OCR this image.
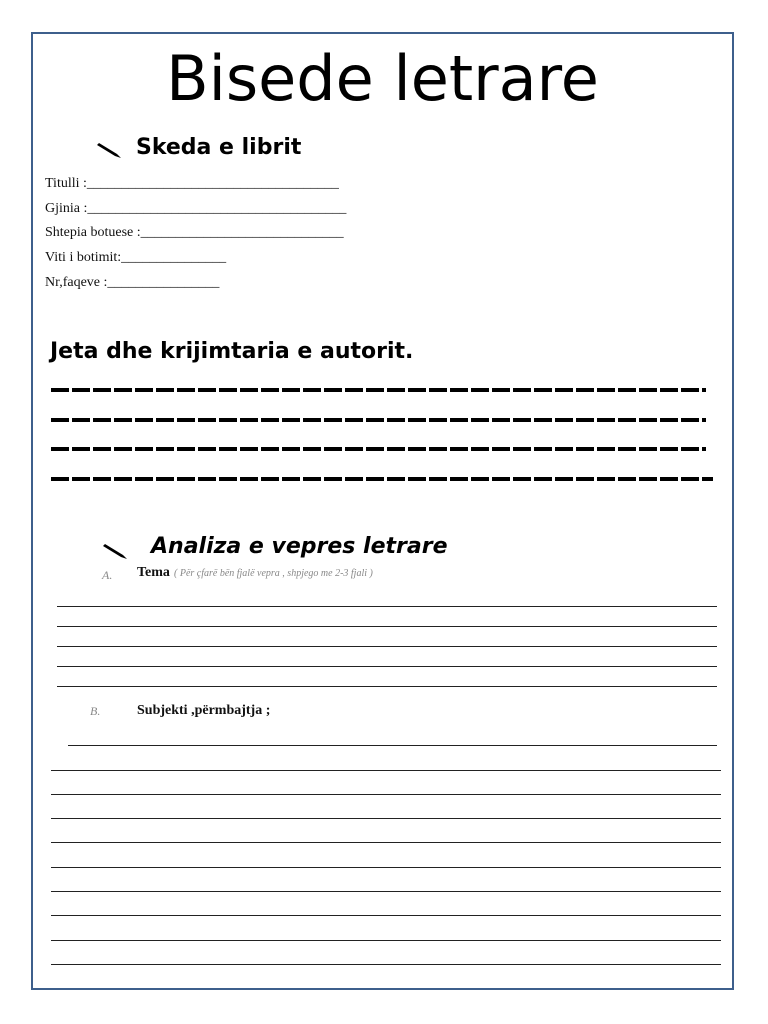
Bisede letrare
Skeda e librit
Titulli :____________________________________
Gjinia :_____________________________________
Shtepia botuese :_____________________________
Viti i botimit:_______________
Nr,faqeve :________________
Jeta dhe krijimtaria e autorit.
Analiza e vepres letrare
A. Tema ( Për çfarë bën fjalë vepra , shpjego me 2-3 fjali )
B.	Subjekti ,përmbajtja ;
